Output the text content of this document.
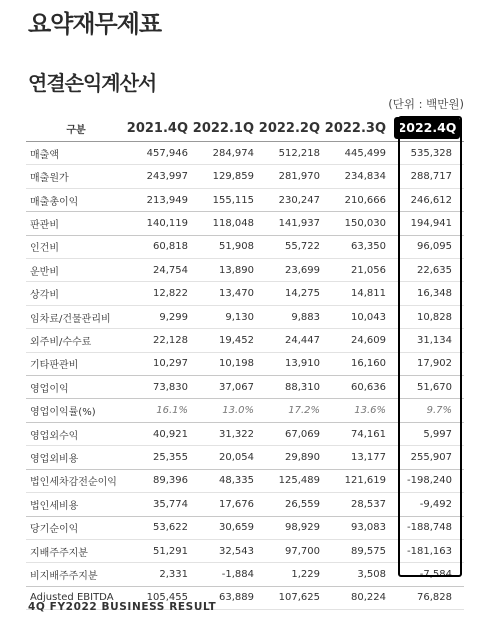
요약재무제표
연결손익계산서
(단위 : 백만원)
구분	2021.4Q 2022.1Q 2022.2Q 2022.3Q 2022.4Q
매출액	457,946	284,974	512,218	445,499	535,328
매출원가	243,997	129,859	281,970	234,834	288,717
매출총이익	213,949	155,115	230,247	210,666	246,612
판관비	140,119	118,048	141,937	150,030	194,941
인건비	60,818	51,908	55,722	63,350	96,095
운반비	24,754	13,890	23,699	21,056	22,635
상각비	12,822	13,470	14,275	14,811	16,348
임차료/건물관리비	9,299	9,130	9,883	10,043	10,828
외주비/수수료	22,128	19,452	24,447	24,609	31,134
기타판관비	10,297	10,198	13,910	16,160	17,902
영업이익	73,830	37,067	88,310	60,636	51,670
영업이익률(%)	16.1%	13.0%	17.2%	13.6%	9.7%
영업외수익	40,921	31,322	67,069	74,161	5,997
영업외비용	25,355	20,054	29,890	13,177	255,907
법인세차감전순이익	89,396	48,335	125,489	121,619	-198,240
법인세비용	35,774	17,676	26,559	28,537	-9,492
당기순이익	53,622	30,659	98,929	93,083	-188,748
지배주주지분	51,291	32,543	97,700	89,575	-181,163
비지배주주지분	2,331	-1,884	1,229	3,508	-7,584
Adjusted EBITDA	105,455	63,889	107,625	80,224	76,828
4Q FY2022 BUSINESS RESULT
